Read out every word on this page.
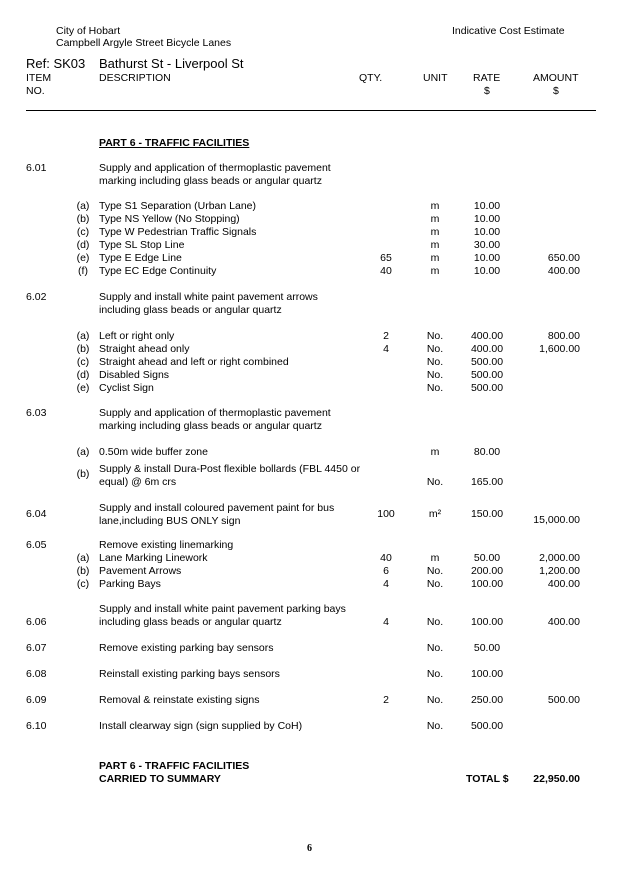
City of Hobart
Campbell Argyle Street Bicycle Lanes
Indicative Cost Estimate
Ref: SK03 Bathurst St - Liverpool St
ITEM
NO.
DESCRIPTION	QTY.	UNIT RATE
$
AMOUNT
$
PART 6 - TRAFFIC FACILITIES
6.01	Supply and application of thermoplastic pavement
marking including glass beads or angular quartz
(a) Type S1 Separation (Urban Lane)	m	10.00
(b) Type NS Yellow (No Stopping)	m	10.00
(c) Type W Pedestrian Traffic Signals	m	10.00
(d) Type SL Stop Line	m	30.00
(e) Type E Edge Line	65	m	10.00	650.00
(f)	Type EC Edge Continuity	40	m	10.00	400.00
6.02	Supply and install white paint pavement arrows
including glass beads or angular quartz
(a) Left or right only	2	No.	400.00	800.00
(b) Straight ahead only	4	No.	400.00	1,600.00
(c) Straight ahead and left or right combined	No.	500.00
(d) Disabled Signs	No.	500.00
(e) Cyclist Sign	No.	500.00
6.03	Supply and application of thermoplastic pavement
marking including glass beads or angular quartz
(a) 0.50m wide buffer zone	m	80.00
Supply & install Dura-Post flexible bollards (FBL 4450 or
(b)
equal) @ 6m crs	No.	165.00
Supply and install coloured pavement paint for bus
6.04	100	m²	150.00	15,000.00
lane,including BUS ONLY sign
6.05	Remove existing linemarking
(a) Lane Marking Linework	40	m	50.00	2,000.00
(b) Pavement Arrows	6	No.	200.00	1,200.00
(c) Parking Bays	4	No.	100.00	400.00
Supply and install white paint pavement parking bays
6.06	including glass beads or angular quartz	4	No.	100.00	400.00
6.07	Remove existing parking bay sensors	No.	50.00
6.08	Reinstall existing parking bays sensors	No.	100.00
6.09	Removal & reinstate existing signs	2	No.	250.00	500.00
6.10	Install clearway sign (sign supplied by CoH)	No.	500.00
PART 6 - TRAFFIC FACILITIES
CARRIED TO SUMMARY	TOTAL $	22,950.00
6
